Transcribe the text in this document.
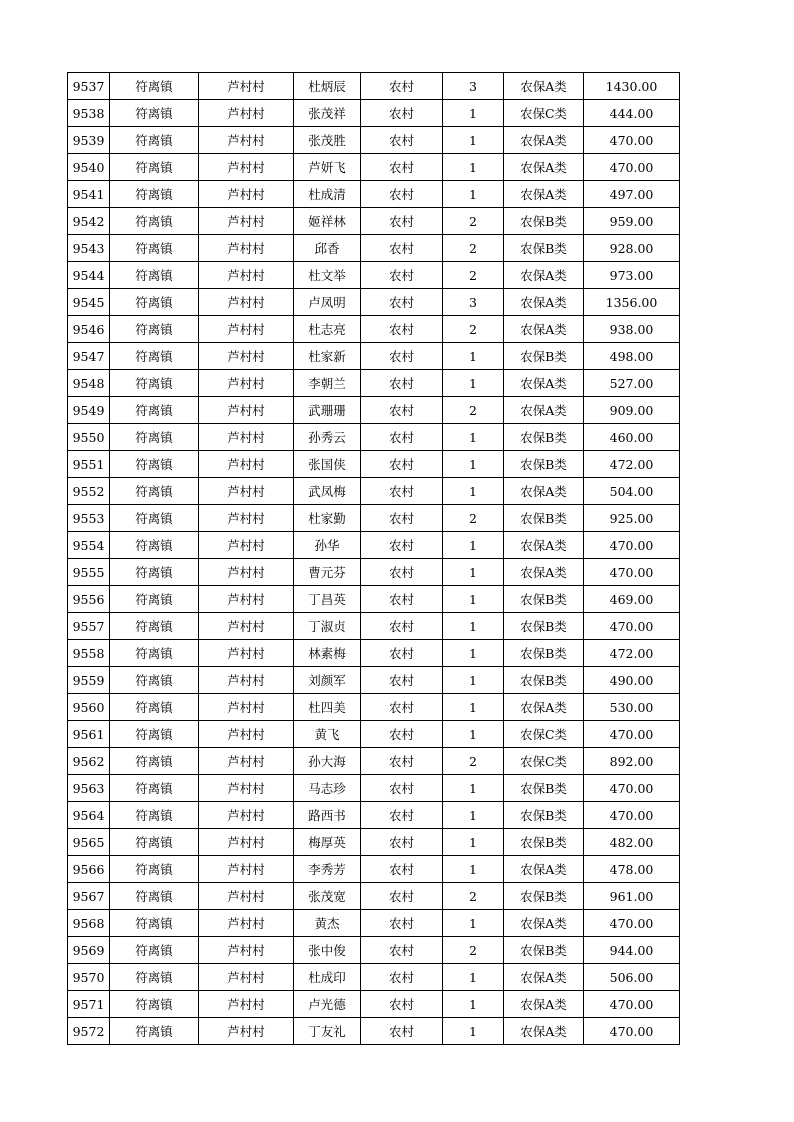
9537	符离镇	芦村村	杜炳辰	农村	3	农保A类	1430.00
9538	符离镇	芦村村	张茂祥	农村	1	农保C类	444.00
9539	符离镇	芦村村	张茂胜	农村	1	农保A类	470.00
9540	符离镇	芦村村	芦妍飞	农村	1	农保A类	470.00
9541	符离镇	芦村村	杜成清	农村	1	农保A类	497.00
9542	符离镇	芦村村	姬祥林	农村	2	农保B类	959.00
9543	符离镇	芦村村	邱香	农村	2	农保B类	928.00
9544	符离镇	芦村村	杜文举	农村	2	农保A类	973.00
9545	符离镇	芦村村	卢凤明	农村	3	农保A类	1356.00
9546	符离镇	芦村村	杜志亮	农村	2	农保A类	938.00
9547	符离镇	芦村村	杜家新	农村	1	农保B类	498.00
9548	符离镇	芦村村	李朝兰	农村	1	农保A类	527.00
9549	符离镇	芦村村	武珊珊	农村	2	农保A类	909.00
9550	符离镇	芦村村	孙秀云	农村	1	农保B类	460.00
9551	符离镇	芦村村	张国侠	农村	1	农保B类	472.00
9552	符离镇	芦村村	武凤梅	农村	1	农保A类	504.00
9553	符离镇	芦村村	杜家勤	农村	2	农保B类	925.00
9554	符离镇	芦村村	孙华	农村	1	农保A类	470.00
9555	符离镇	芦村村	曹元芬	农村	1	农保A类	470.00
9556	符离镇	芦村村	丁昌英	农村	1	农保B类	469.00
9557	符离镇	芦村村	丁淑贞	农村	1	农保B类	470.00
9558	符离镇	芦村村	林素梅	农村	1	农保B类	472.00
9559	符离镇	芦村村	刘颜军	农村	1	农保B类	490.00
9560	符离镇	芦村村	杜四美	农村	1	农保A类	530.00
9561	符离镇	芦村村	黄飞	农村	1	农保C类	470.00
9562	符离镇	芦村村	孙大海	农村	2	农保C类	892.00
9563	符离镇	芦村村	马志珍	农村	1	农保B类	470.00
9564	符离镇	芦村村	路西书	农村	1	农保B类	470.00
9565	符离镇	芦村村	梅厚英	农村	1	农保B类	482.00
9566	符离镇	芦村村	李秀芳	农村	1	农保A类	478.00
9567	符离镇	芦村村	张茂宽	农村	2	农保B类	961.00
9568	符离镇	芦村村	黄杰	农村	1	农保A类	470.00
9569	符离镇	芦村村	张中俊	农村	2	农保B类	944.00
9570	符离镇	芦村村	杜成印	农村	1	农保A类	506.00
9571	符离镇	芦村村	卢光德	农村	1	农保A类	470.00
9572	符离镇	芦村村	丁友礼	农村	1	农保A类	470.00
